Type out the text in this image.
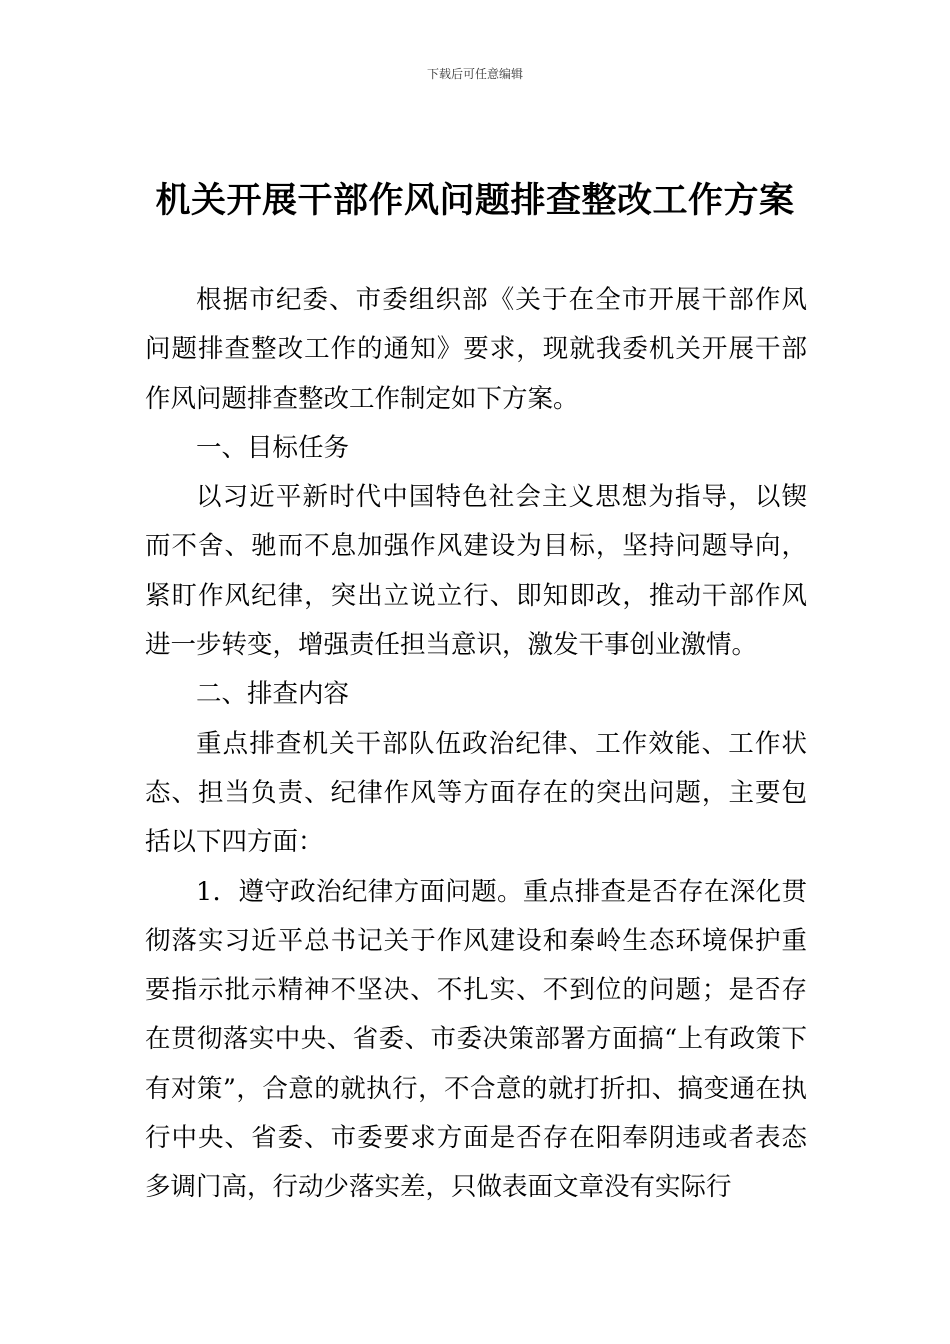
下载后可任意编辑
机关开展干部作风问题排查整改工作方案

根据市纪委、市委组织部《关于在全市开展干部作风问题排查整改工作的通知》要求，现就我委机关开展干部作风问题排查整改工作制定如下方案。

一、目标任务

以习近平新时代中国特色社会主义思想为指导，以锲而不舍、驰而不息加强作风建设为目标，坚持问题导向，紧盯作风纪律，突出立说立行、即知即改，推动干部作风进一步转变，增强责任担当意识，激发干事创业激情。

二、排查内容

重点排查机关干部队伍政治纪律、工作效能、工作状态、担当负责、纪律作风等方面存在的突出问题，主要包括以下四方面：

1．遵守政治纪律方面问题。重点排查是否存在深化贯彻落实习近平总书记关于作风建设和秦岭生态环境保护重要指示批示精神不坚决、不扎实、不到位的问题；是否存在贯彻落实中央、省委、市委决策部署方面搞“上有政策下有对策”，合意的就执行，不合意的就打折扣、搞变通在执行中央、省委、市委要求方面是否存在阳奉阴违或者表态多调门高，行动少落实差，只做表面文章没有实际行
